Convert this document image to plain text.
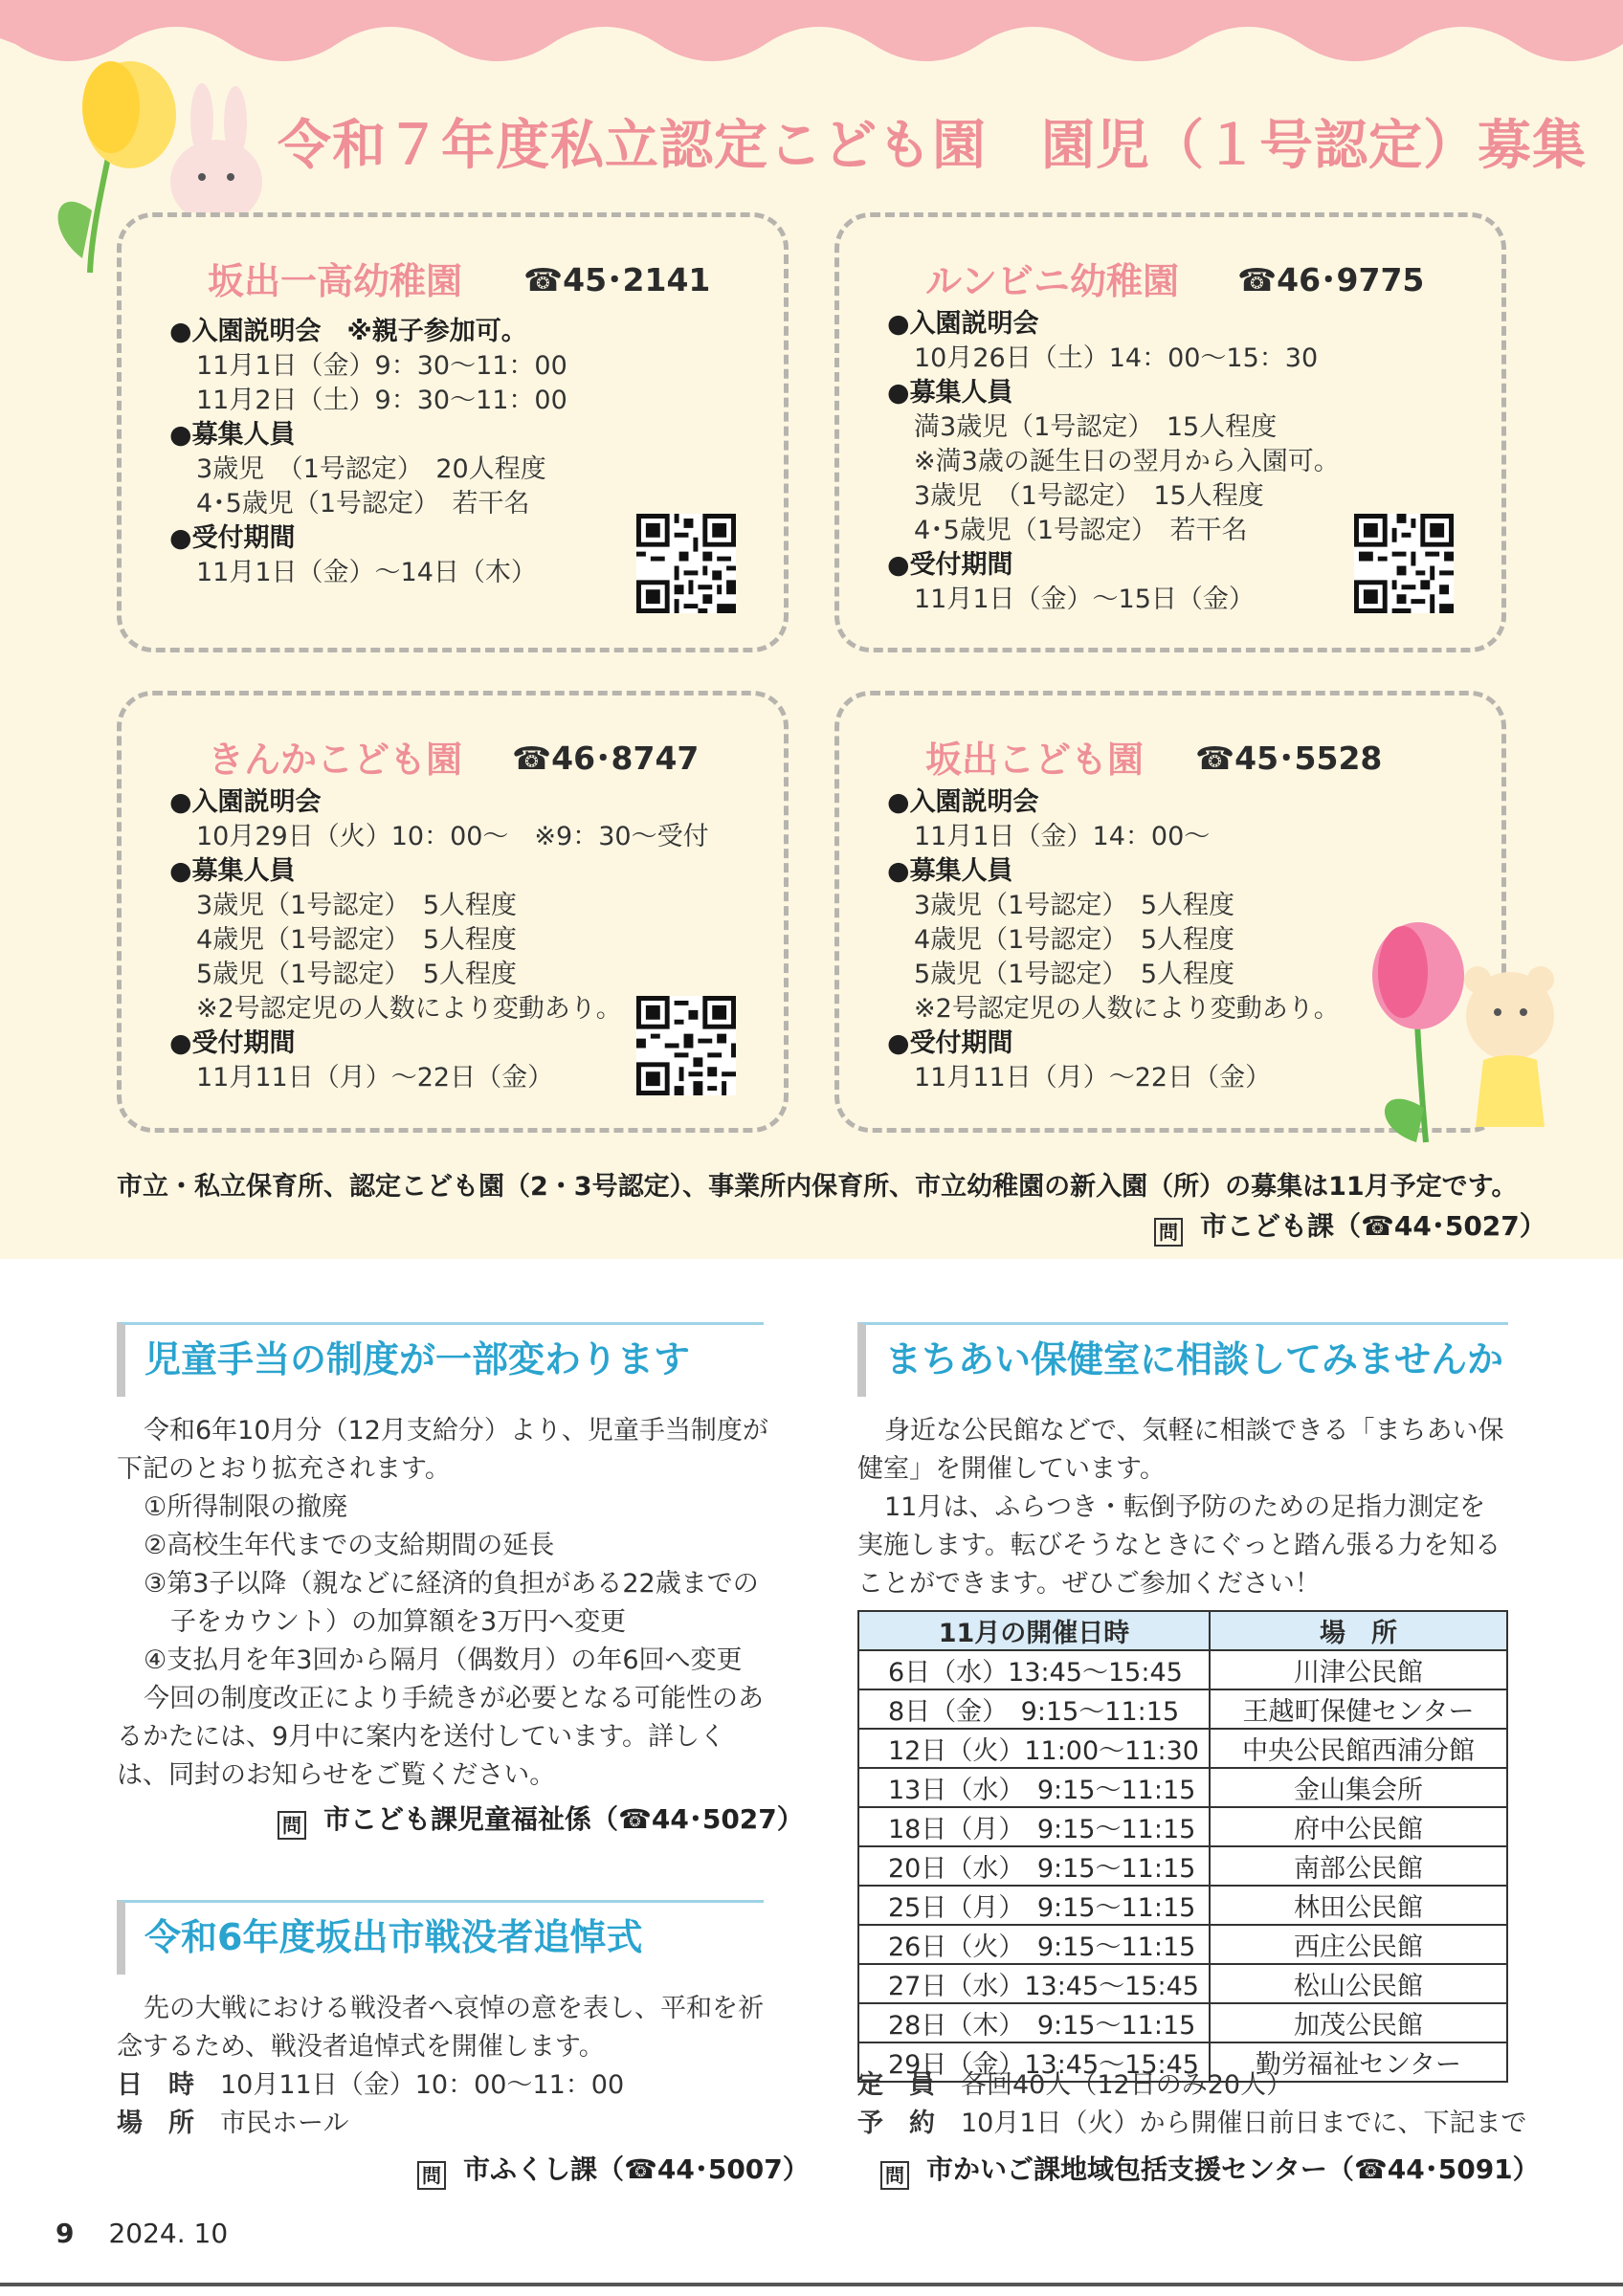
令和７年度私立認定こども園　園児（１号認定）募集
坂出一高幼稚園 ☎45･2141
● 入園説明会　※親子参加可。
11月1日（金）9：30〜11：00
11月2日（土）9：30〜11：00
● 募集人員
3歳児　（1号認定）　20人程度
4･5歳児（1号認定）　若干名
● 受付期間
11月1日（金）〜14日（木）
ルンビニ幼稚園 ☎46･9775
● 入園説明会
10月26日（土）14：00〜15：30
● 募集人員
満3歳児（1号認定）　15人程度
※満3歳の誕生日の翌月から入園可。
3歳児　（1号認定）　15人程度
4･5歳児（1号認定）　若干名
● 受付期間
11月1日（金）〜15日（金）
きんかこども園 ☎46･8747
● 入園説明会
10月29日（火）10：00〜　※9：30〜受付
● 募集人員
3歳児（1号認定）　5人程度
4歳児（1号認定）　5人程度
5歳児（1号認定）　5人程度
※2号認定児の人数により変動あり。
● 受付期間
11月11日（月）〜22日（金）
坂出こども園 ☎45･5528
● 入園説明会
11月1日（金）14：00〜
● 募集人員
3歳児（1号認定）　5人程度
4歳児（1号認定）　5人程度
5歳児（1号認定）　5人程度
※2号認定児の人数により変動あり。
● 受付期間
11月11日（月）〜22日（金）
市立・私立保育所、認定こども園（2・3号認定）、事業所内保育所、市立幼稚園の新入園（所）の募集は11月予定です。
問 市こども課（☎44･5027）
児童手当の制度が一部変わります

令和6年10月分（12月支給分）より、児童手当制度が下記のとおり拡充されます。

①所得制限の撤廃

②高校生年代までの支給期間の延長

③第3子以降（親などに経済的負担がある22歳までの子をカウント）の加算額を3万円へ変更

④支払月を年3回から隔月（偶数月）の年6回へ変更

今回の制度改正により手続きが必要となる可能性のあるかたには、9月中に案内を送付しています。詳しくは、同封のお知らせをご覧ください。

問 市こども課児童福祉係（☎44･5027）
令和6年度坂出市戦没者追悼式

先の大戦における戦没者へ哀悼の意を表し、平和を祈念するため、戦没者追悼式を開催します。

日　時　 10月11日（金）10：00〜11：00

場　所　 市民ホール

問 市ふくし課（☎44･5007）
まちあい保健室に相談してみませんか

身近な公民館などで、気軽に相談できる「まちあい保健室」を開催しています。

11月は、ふらつき・転倒予防のための足指力測定を実施します。転びそうなときにぐっと踏ん張る力を知ることができます。ぜひご参加ください！

11月の開催日時	場　所
6日（水）13:45〜15:45	川津公民館
8日（金）　9:15〜11:15	王越町保健センター
12日（火）11:00〜11:30	中央公民館西浦分館
13日（水）　9:15〜11:15	金山集会所
18日（月）　9:15〜11:15	府中公民館
20日（水）　9:15〜11:15	南部公民館
25日（月）　9:15〜11:15	林田公民館
26日（火）　9:15〜11:15	西庄公民館
27日（水）13:45〜15:45	松山公民館
28日（木）　9:15〜11:15	加茂公民館
29日（金）13:45〜15:45	勤労福祉センター

定　員　 各回40人（12日のみ20人）

予　約　 10月1日（火）から開催日前日までに、下記まで

問 市かいご課地域包括支援センター（☎44･5091）
9 2024. 10
